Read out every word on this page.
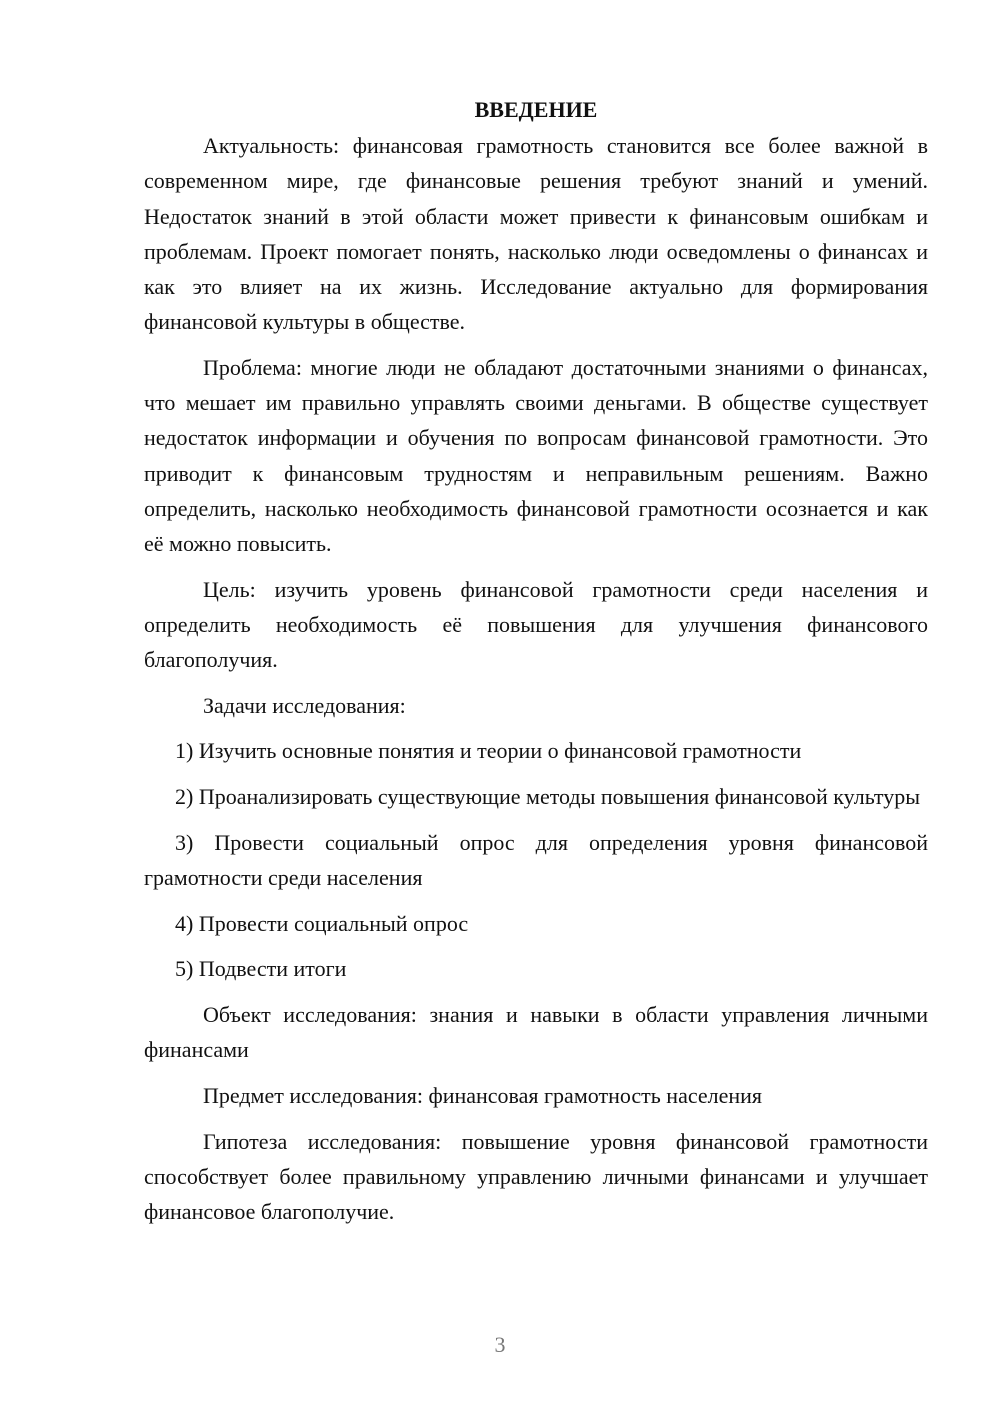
ВВЕДЕНИЕ
Актуальность: финансовая грамотность становится все более важной в современном мире, где финансовые решения требуют знаний и умений. Недостаток знаний в этой области может привести к финансовым ошибкам и проблемам. Проект помогает понять, насколько люди осведомлены о финансах и как это влияет на их жизнь. Исследование актуально для формирования финансовой культуры в обществе.
Проблема: многие люди не обладают достаточными знаниями о финансах, что мешает им правильно управлять своими деньгами. В обществе существует недостаток информации и обучения по вопросам финансовой грамотности. Это приводит к финансовым трудностям и неправильным решениям. Важно определить, насколько необходимость финансовой грамотности осознается и как её можно повысить.
Цель: изучить уровень финансовой грамотности среди населения и определить необходимость её повышения для улучшения финансового благополучия.
Задачи исследования:
1) Изучить основные понятия и теории о финансовой грамотности
2) Проанализировать существующие методы повышения финансовой культуры
3) Провести социальный опрос для определения уровня финансовой грамотности среди населения
4) Провести социальный опрос
5) Подвести итоги
Объект исследования: знания и навыки в области управления личными финансами
Предмет исследования: финансовая грамотность населения
Гипотеза исследования: повышение уровня финансовой грамотности способствует более правильному управлению личными финансами и улучшает финансовое благополучие.
3
